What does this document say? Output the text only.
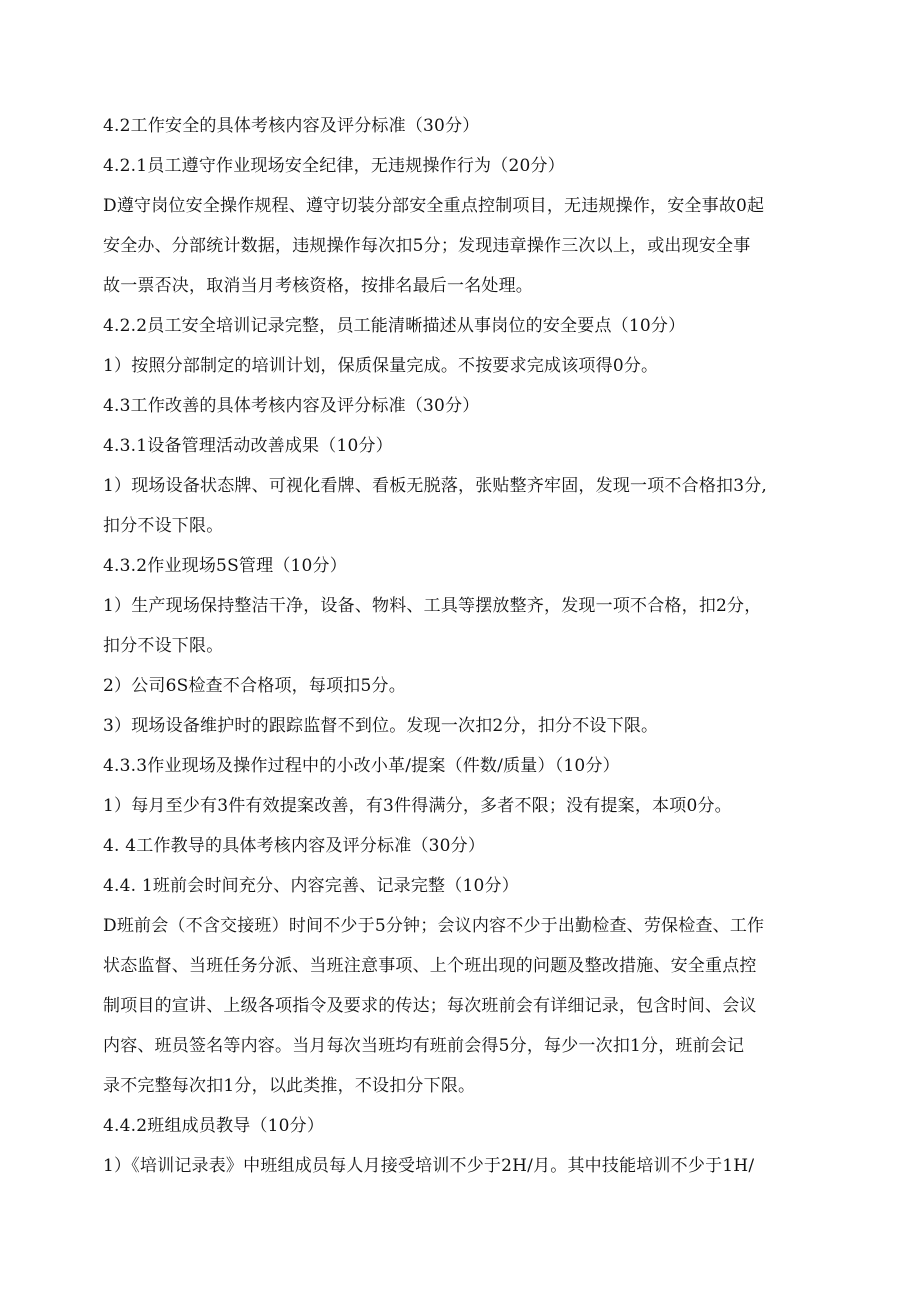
4.2工作安全的具体考核内容及评分标准（30分）
4.2.1员工遵守作业现场安全纪律，无违规操作行为（20分）
D遵守岗位安全操作规程、遵守切装分部安全重点控制项目，无违规操作，安全事故0起
安全办、分部统计数据，违规操作每次扣5分；发现违章操作三次以上，或出现安全事
故一票否决，取消当月考核资格，按排名最后一名处理。
4.2.2员工安全培训记录完整，员工能清晰描述从事岗位的安全要点（10分）
1）按照分部制定的培训计划，保质保量完成。不按要求完成该项得0分。
4.3工作改善的具体考核内容及评分标准（30分）
4.3.1设备管理活动改善成果（10分）
1）现场设备状态牌、可视化看牌、看板无脱落，张贴整齐牢固，发现一项不合格扣3分,
扣分不设下限。
4.3.2作业现场5S管理（10分）
1）生产现场保持整洁干净，设备、物料、工具等摆放整齐，发现一项不合格，扣2分，
扣分不设下限。
2）公司6S检查不合格项，每项扣5分。
3）现场设备维护时的跟踪监督不到位。发现一次扣2分，扣分不设下限。
4.3.3作业现场及操作过程中的小改小革/提案（件数/质量）（10分）
1）每月至少有3件有效提案改善，有3件得满分，多者不限；没有提案，本项0分。
4. 4工作教导的具体考核内容及评分标准（30分）
4.4. 1班前会时间充分、内容完善、记录完整（10分）
D班前会（不含交接班）时间不少于5分钟；会议内容不少于出勤检查、劳保检查、工作
状态监督、当班任务分派、当班注意事项、上个班出现的问题及整改措施、安全重点控
制项目的宣讲、上级各项指令及要求的传达；每次班前会有详细记录，包含时间、会议
内容、班员签名等内容。当月每次当班均有班前会得5分，每少一次扣1分，班前会记
录不完整每次扣1分，以此类推，不设扣分下限。
4.4.2班组成员教导（10分）
1）《培训记录表》中班组成员每人月接受培训不少于2H/月。其中技能培训不少于1H/
